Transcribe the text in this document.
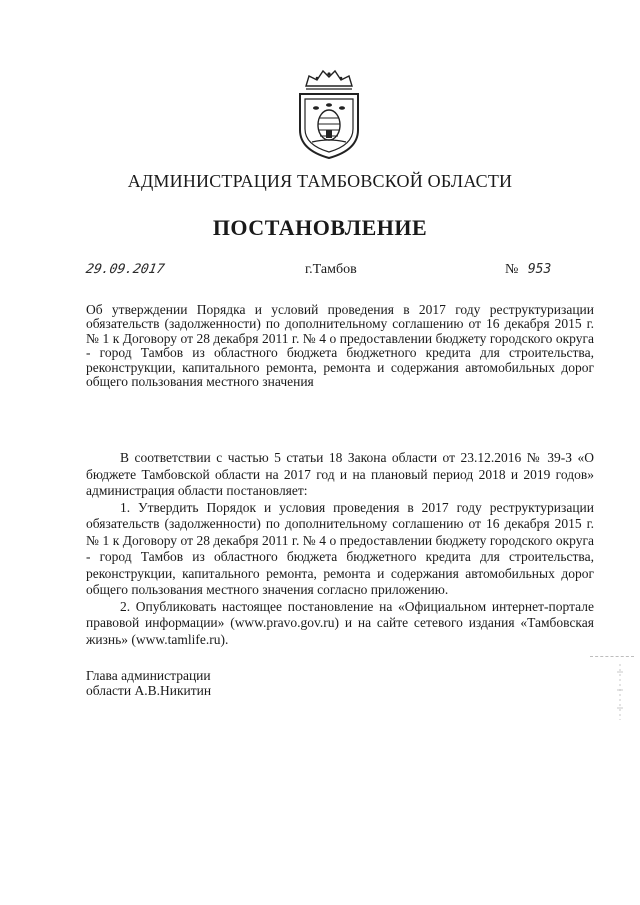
АДМИНИСТРАЦИЯ ТАМБОВСКОЙ ОБЛАСТИ
ПОСТАНОВЛЕНИЕ
29.09.2017	г.Тамбов	№ 953
Об утверждении Порядка и условий проведения в 2017 году реструктуризации обязательств (задолженности) по дополнительному соглашению от 16 декабря 2015 г. № 1 к Договору от 28 декабря 2011 г. № 4 о предоставлении бюджету городского округа - город Тамбов из областного бюджета бюджетного кредита для строительства, реконструкции, капитального ремонта, ремонта и содержания автомобильных дорог общего пользования местного значения

В соответствии с частью 5 статьи 18 Закона области от 23.12.2016 № 39-З «О бюджете Тамбовской области на 2017 год и на плановый период 2018 и 2019 годов» администрация области постановляет:

1. Утвердить Порядок и условия проведения в 2017 году реструктуризации обязательств (задолженности) по дополнительному соглашению от 16 декабря 2015 г. № 1 к Договору от 28 декабря 2011 г. № 4 о предоставлении бюджету городского округа - город Тамбов из областного бюджета бюджетного кредита для строительства, реконструкции, капитального ремонта, ремонта и содержания автомобильных дорог общего пользования местного значения согласно приложению.

2. Опубликовать настоящее постановление на «Официальном интернет-портале правовой информации» (www.pravo.gov.ru) и на сайте сетевого издания «Тамбовская жизнь» (www.tamlife.ru).

Глава администрации
области А.В.Никитин
